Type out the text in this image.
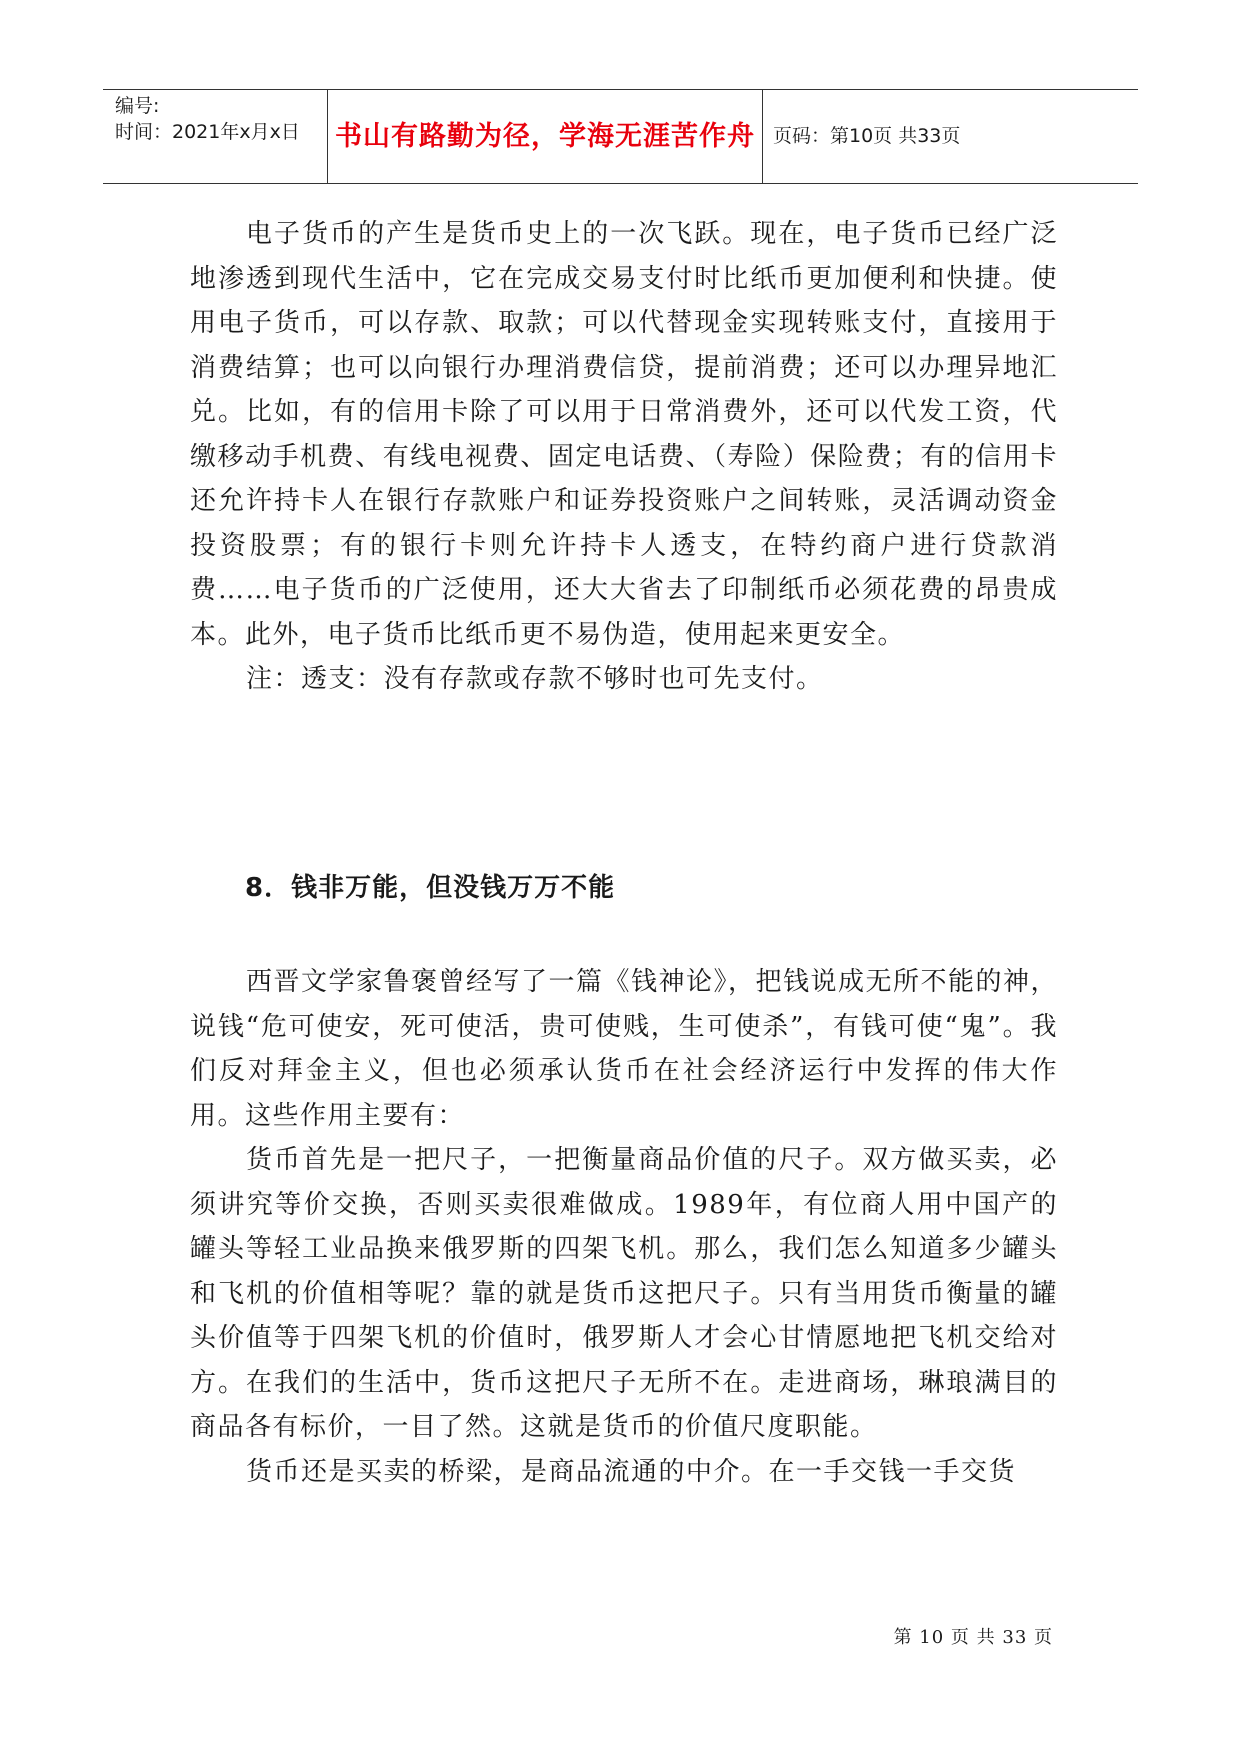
编号:
时间：2021年x月x日 书山有路勤为径，学海无涯苦作舟 页码：第10页 共33页

电子货币的产生是货币史上的一次飞跃。现在，电子货币已经广泛地渗透到现代生活中，它在完成交易支付时比纸币更加便利和快捷。使用电子货币，可以存款、取款；可以代替现金实现转账支付，直接用于消费结算；也可以向银行办理消费信贷，提前消费；还可以办理异地汇兑。比如，有的信用卡除了可以用于日常消费外，还可以代发工资，代缴移动手机费、有线电视费、固定电话费、（寿险）保险费；有的信用卡还允许持卡人在银行存款账户和证券投资账户之间转账，灵活调动资金投资股票；有的银行卡则允许持卡人透支，在特约商户进行贷款消费……电子货币的广泛使用，还大大省去了印制纸币必须花费的昂贵成本。此外，电子货币比纸币更不易伪造，使用起来更安全。

注：透支：没有存款或存款不够时也可先支付。

8．钱非万能，但没钱万万不能

西晋文学家鲁褒曾经写了一篇《钱神论》，把钱说成无所不能的神，说钱“危可使安，死可使活，贵可使贱，生可使杀”，有钱可使“鬼”。我们反对拜金主义，但也必须承认货币在社会经济运行中发挥的伟大作用。这些作用主要有：

货币首先是一把尺子，一把衡量商品价值的尺子。双方做买卖，必须讲究等价交换，否则买卖很难做成。1989年，有位商人用中国产的罐头等轻工业品换来俄罗斯的四架飞机。那么，我们怎么知道多少罐头和飞机的价值相等呢？靠的就是货币这把尺子。只有当用货币衡量的罐头价值等于四架飞机的价值时，俄罗斯人才会心甘情愿地把飞机交给对方。在我们的生活中，货币这把尺子无所不在。走进商场，琳琅满目的商品各有标价，一目了然。这就是货币的价值尺度职能。

货币还是买卖的桥梁，是商品流通的中介。在一手交钱一手交货

第 10 页 共 33 页
